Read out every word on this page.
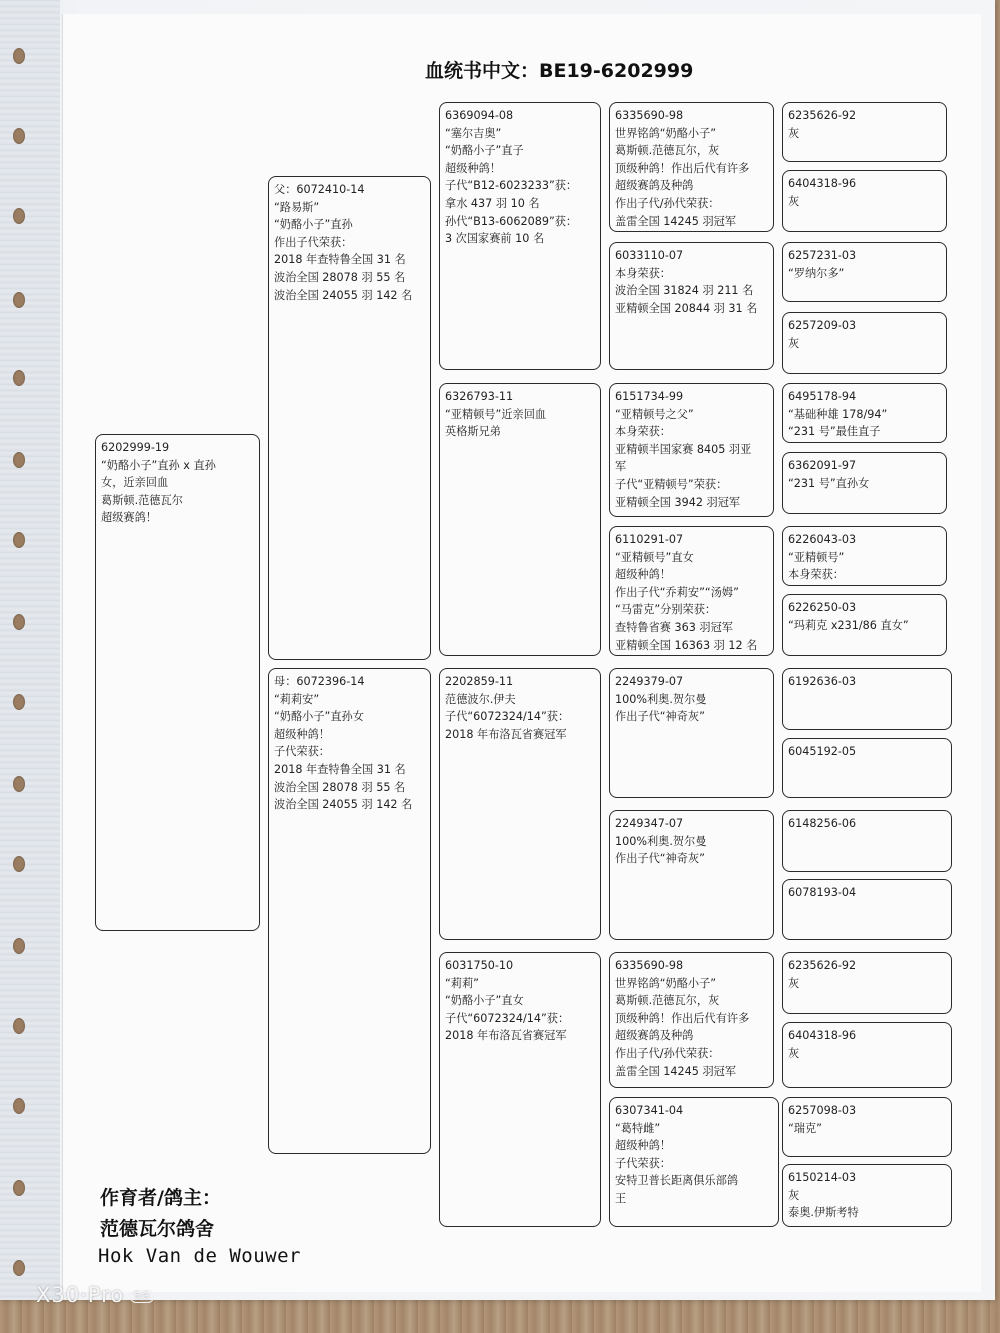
血统书中文：BE19-6202999
6202999-19
“奶酪小子”直孙 x 直孙
女，近亲回血
葛斯顿.范德瓦尔
超级赛鸽！
父：6072410-14
“路易斯”
“奶酪小子”直孙
作出子代荣获：
2018 年查特鲁全国 31 名
波治全国 28078 羽 55 名
波治全国 24055 羽 142 名
母：6072396-14
“莉莉安”
“奶酪小子”直孙女
超级种鸽！
子代荣获：
2018 年查特鲁全国 31 名
波治全国 28078 羽 55 名
波治全国 24055 羽 142 名
6369094-08
“塞尔吉奥”
“奶酪小子”直子
超级种鸽！
子代“B12-6023233”获：
拿水 437 羽 10 名
孙代“B13-6062089”获：
3 次国家赛前 10 名
6326793-11
“亚精顿号”近亲回血
英格斯兄弟
2202859-11
范德波尔.伊夫
子代“6072324/14”获：
2018 年布洛瓦省赛冠军
6031750-10
“莉莉”
“奶酪小子”直女
子代“6072324/14”获：
2018 年布洛瓦省赛冠军
6335690-98
世界铭鸽“奶酪小子”
葛斯顿.范德瓦尔，灰
顶级种鸽！作出后代有许多
超级赛鸽及种鸽
作出子代/孙代荣获：
盖雷全国 14245 羽冠军
6033110-07
本身荣获：
波治全国 31824 羽 211 名
亚精顿全国 20844 羽 31 名
6151734-99
“亚精顿号之父”
本身荣获：
亚精顿半国家赛 8405 羽亚
军
子代“亚精顿号”荣获：
亚精顿全国 3942 羽冠军
6110291-07
“亚精顿号”直女
超级种鸽！
作出子代“乔莉安”“汤姆”
“马雷克”分别荣获：
查特鲁省赛 363 羽冠军
亚精顿全国 16363 羽 12 名
2249379-07
100%利奥.贺尔曼
作出子代“神奇灰”
2249347-07
100%利奥.贺尔曼
作出子代“神奇灰”
6335690-98
世界铭鸽“奶酪小子”
葛斯顿.范德瓦尔，灰
顶级种鸽！作出后代有许多
超级赛鸽及种鸽
作出子代/孙代荣获：
盖雷全国 14245 羽冠军
6307341-04
“葛特雌”
超级种鸽！
子代荣获：
安特卫普长距离俱乐部鸽
王
6235626-92
灰
6404318-96
灰
6257231-03
“罗纳尔多”
6257209-03
灰
6495178-94
“基础种雄 178/94”
“231 号”最佳直子
6362091-97
“231 号”直孙女
6226043-03
“亚精顿号”
本身荣获：
6226250-03
“玛莉克 x231/86 直女”
6192636-03
6045192-05
6148256-06
6078193-04
6235626-92
灰
6404318-96
灰
6257098-03
“瑞克”
6150214-03
灰
泰奥.伊斯考特
作育者/鸽主：
范德瓦尔鸽舍
Hok Van de Wouwer
X30·Pro 5G
